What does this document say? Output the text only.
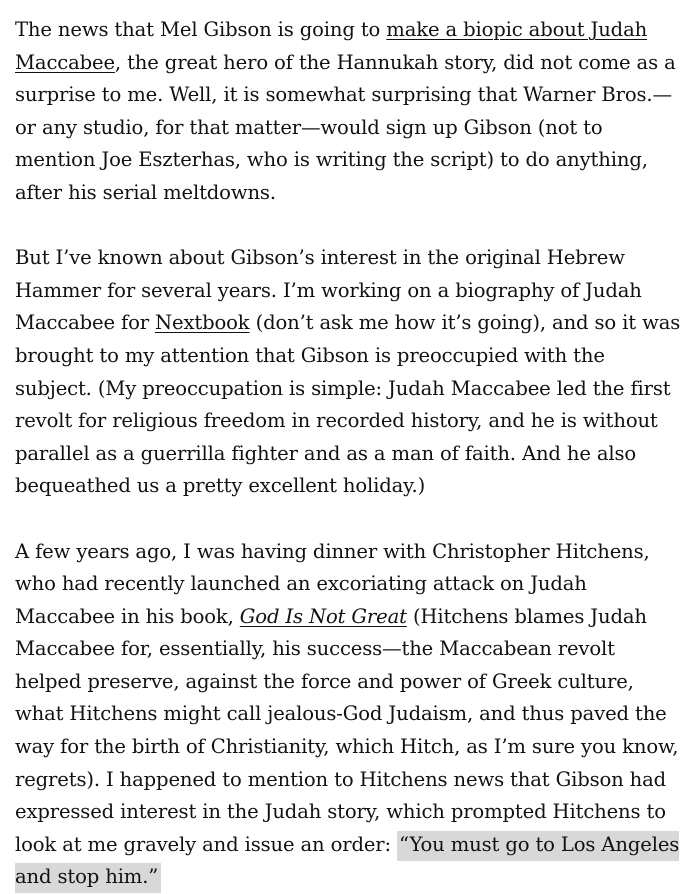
The news that Mel Gibson is going to make a biopic about Judah Maccabee, the great hero of the Hannukah story, did not come as a surprise to me. Well, it is somewhat surprising that Warner Bros.—or any studio, for that matter—would sign up Gibson (not to mention Joe Eszterhas, who is writing the script) to do anything, after his serial meltdowns.

But I’ve known about Gibson’s interest in the original Hebrew Hammer for several years. I’m working on a biography of Judah Maccabee for Nextbook (don’t ask me how it’s going), and so it was brought to my attention that Gibson is preoccupied with the subject. (My preoccupation is simple: Judah Maccabee led the first revolt for religious freedom in recorded history, and he is without parallel as a guerrilla fighter and as a man of faith. And he also bequeathed us a pretty excellent holiday.)

A few years ago, I was having dinner with Christopher Hitchens, who had recently launched an excoriating attack on Judah Maccabee in his book, God Is Not Great (Hitchens blames Judah Maccabee for, essentially, his success—the Maccabean revolt helped preserve, against the force and power of Greek culture, what Hitchens might call jealous-God Judaism, and thus paved the way for the birth of Christianity, which Hitch, as I’m sure you know, regrets). I happened to mention to Hitchens news that Gibson had expressed interest in the Judah story, which prompted Hitchens to look at me gravely and issue an order: “You must go to Los Angeles and stop him.”
